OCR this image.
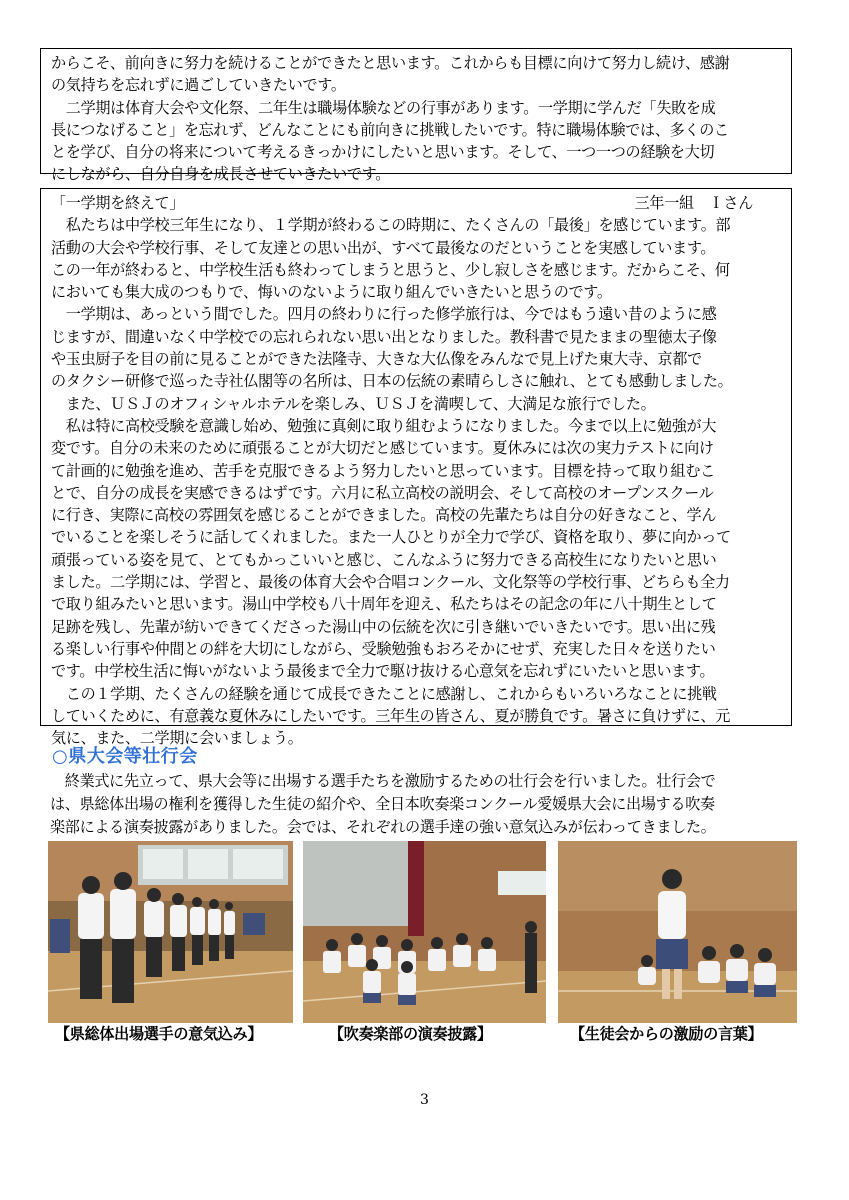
からこそ、前向きに努力を続けることができたと思います。これからも目標に向けて努力し続け、感謝

の気持ちを忘れずに過ごしていきたいです。

　二学期は体育大会や文化祭、二年生は職場体験などの行事があります。一学期に学んだ「失敗を成

長につなげること」を忘れず、どんなことにも前向きに挑戦したいです。特に職場体験では、多くのこ

とを学び、自分の将来について考えるきっかけにしたいと思います。そして、一つ一つの経験を大切

にしながら、自分自身を成長させていきたいです。

「一学期を終えて」	三年一組　Ｉさん

　私たちは中学校三年生になり、１学期が終わるこの時期に、たくさんの「最後」を感じています。部

活動の大会や学校行事、そして友達との思い出が、すべて最後なのだということを実感しています。

この一年が終わると、中学校生活も終わってしまうと思うと、少し寂しさを感じます。だからこそ、何

においても集大成のつもりで、悔いのないように取り組んでいきたいと思うのです。

　一学期は、あっという間でした。四月の終わりに行った修学旅行は、今ではもう遠い昔のように感

じますが、間違いなく中学校での忘れられない思い出となりました。教科書で見たままの聖徳太子像

や玉虫厨子を目の前に見ることができた法隆寺、大きな大仏像をみんなで見上げた東大寺、京都で

のタクシー研修で巡った寺社仏閣等の名所は、日本の伝統の素晴らしさに触れ、とても感動しました。

　また、ＵＳＪのオフィシャルホテルを楽しみ、ＵＳＪを満喫して、大満足な旅行でした。

　私は特に高校受験を意識し始め、勉強に真剣に取り組むようになりました。今まで以上に勉強が大

変です。自分の未来のために頑張ることが大切だと感じています。夏休みには次の実力テストに向け

て計画的に勉強を進め、苦手を克服できるよう努力したいと思っています。目標を持って取り組むこ

とで、自分の成長を実感できるはずです。六月に私立高校の説明会、そして高校のオープンスクール

に行き、実際に高校の雰囲気を感じることができました。高校の先輩たちは自分の好きなこと、学ん

でいることを楽しそうに話してくれました。また一人ひとりが全力で学び、資格を取り、夢に向かって

頑張っている姿を見て、とてもかっこいいと感じ、こんなふうに努力できる高校生になりたいと思い

ました。二学期には、学習と、最後の体育大会や合唱コンクール、文化祭等の学校行事、どちらも全力

で取り組みたいと思います。湯山中学校も八十周年を迎え、私たちはその記念の年に八十期生として

足跡を残し、先輩が紡いできてくださった湯山中の伝統を次に引き継いでいきたいです。思い出に残

る楽しい行事や仲間との絆を大切にしながら、受験勉強もおろそかにせず、充実した日々を送りたい

です。中学校生活に悔いがないよう最後まで全力で駆け抜ける心意気を忘れずにいたいと思います。

　この１学期、たくさんの経験を通じて成長できたことに感謝し、これからもいろいろなことに挑戦

していくために、有意義な夏休みにしたいです。三年生の皆さん、夏が勝負です。暑さに負けずに、元

気に、また、二学期に会いましょう。

○県大会等壮行会

　終業式に先立って、県大会等に出場する選手たちを激励するための壮行会を行いました。壮行会で
は、県総体出場の権利を獲得した生徒の紹介や、全日本吹奏楽コンクール愛媛県大会に出場する吹奏
楽部による演奏披露がありました。会では、それぞれの選手達の強い意気込みが伝わってきました。

【県総体出場選手の意気込み】	【吹奏楽部の演奏披露】	【生徒会からの激励の言葉】
3
